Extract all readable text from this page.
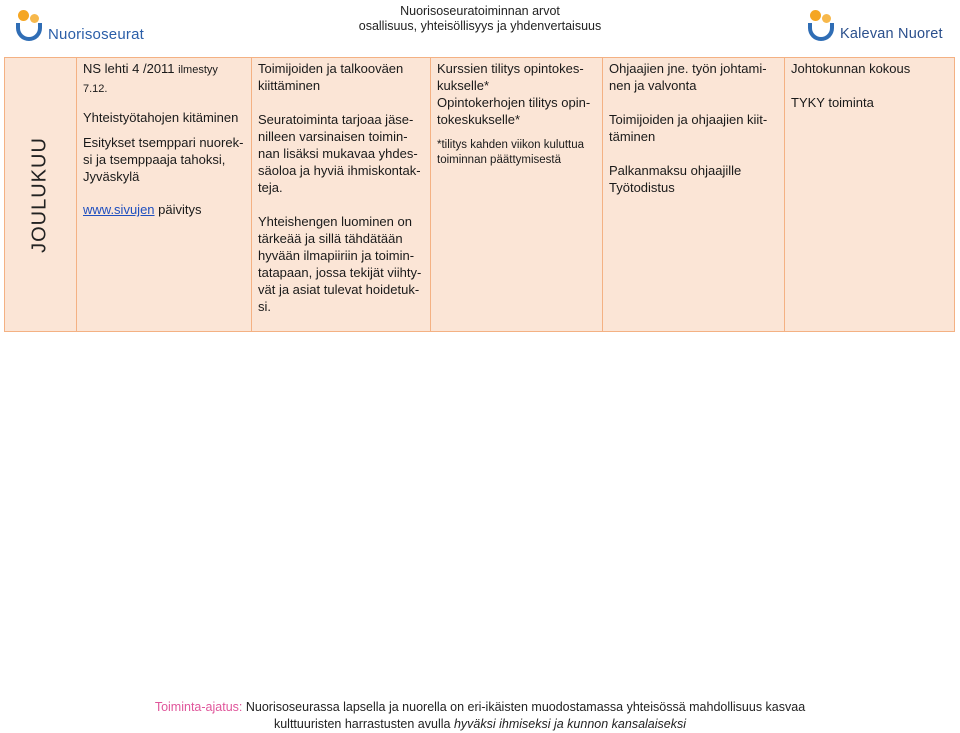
Nuorisoseuratoiminnan arvot
osallisuus, yhteisöllisyys ja yhdenvertaisuus
Nuorisoseurat	Kalevan Nuoret
JOULUKUU

NS lehti 4 /2011 ilmestyy 7.12.

Yhteistyötahojen kitäminen

Esitykset tsemppari nuorek-si ja tsemppaaja tahoksi, Jyväskylä

www.sivujen päivitys

Toimijoiden ja talkooväen kiittäminen

Seuratoiminta tarjoaa jäse-nilleen varsinaisen toimin-nan lisäksi mukavaa yhdes-säoloa ja hyviä ihmiskontak-teja.

Yhteishengen luominen on tärkeää ja sillä tähdätään hyvään ilmapiiriin ja toimin-tatapaan, jossa tekijät viihty-vät ja asiat tulevat hoidetuk-si.

Kurssien tilitys opintokes-kukselle*

Opintokerhojen tilitys opin-tokeskukselle*

*tilitys kahden viikon kuluttua toiminnan päättymisestä

Ohjaajien jne. työn johtami-nen ja valvonta

Toimijoiden ja ohjaajien kiit-täminen

Palkanmaksu ohjaajille
Työtodistus

Johtokunnan kokous

TYKY toiminta

Toiminta-ajatus: Nuorisoseurassa lapsella ja nuorella on eri-ikäisten muodostamassa yhteisössä mahdollisuus kasvaa
kulttuuristen harrastusten avulla hyväksi ihmiseksi ja kunnon kansalaiseksi
